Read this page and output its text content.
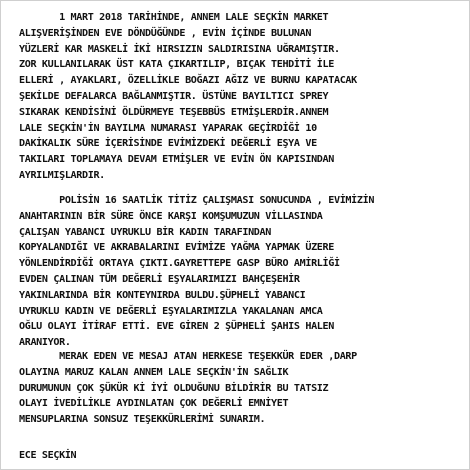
1 MART 2018 TARİHİNDE, ANNEM LALE SEÇKİN MARKET
ALIŞVERİŞİNDEN EVE DÖNDÜĞÜNDE , EVİN İÇİNDE BULUNAN
YÜZLERİ KAR MASKELİ İKİ HIRSIZIN SALDIRISINA UĞRAMIŞTIR.
ZOR KULLANILARAK ÜST KATA ÇIKARTILIP, BIÇAK TEHDİTİ İLE
ELLERİ , AYAKLARI, ÖZELLİKLE BOĞAZI AĞIZ VE BURNU KAPATACAK
ŞEKİLDE DEFALARCA BAĞLANMIŞTIR. ÜSTÜNE BAYILTICI SPREY
SIKARAK KENDİSİNİ ÖLDÜRMEYE TEŞEBBÜS ETMİŞLERDİR.ANNEM
LALE SEÇKİN'İN BAYILMA NUMARASI YAPARAK GEÇİRDİĞİ 10
DAKİKALIK SÜRE İÇERİSİNDE EVİMİZDEKİ DEĞERLİ EŞYA VE
TAKILARI TOPLAMAYA DEVAM ETMİŞLER VE EVİN ÖN KAPISINDAN
AYRILMIŞLARDIR.
POLİSİN 16 SAATLİK TİTİZ ÇALIŞMASI SONUCUNDA , EVİMİZİN
ANAHTARININ BİR SÜRE ÖNCE KARŞI KOMŞUMUZUN VİLLASINDA
ÇALIŞAN YABANCI UYRUKLU BİR KADIN TARAFINDAN
KOPYALANDIĞI VE AKRABALARINI EVİMİZE YAĞMA YAPMAK ÜZERE
YÖNLENDİRDİĞİ ORTAYA ÇIKTI.GAYRETTEPE GASP BÜRO AMİRLİĞİ
EVDEN ÇALINAN TÜM DEĞERLİ EŞYALARIMIZI BAHÇEŞEHİR
YAKINLARINDA BİR KONTEYNIRDA BULDU.ŞÜPHELİ YABANCI
UYRUKLU KADIN VE DEĞERLİ EŞYALARIMIZLA YAKALANAN AMCA
OĞLU OLAYI İTİRAF ETTİ. EVE GİREN 2 ŞÜPHELİ ŞAHIS HALEN
ARANIYOR.
MERAK EDEN VE MESAJ ATAN HERKESE TEŞEKKÜR EDER ,DARP
OLAYINA MARUZ KALAN ANNEM LALE SEÇKİN'İN SAĞLIK
DURUMUNUN ÇOK ŞÜKÜR Kİ İYİ OLDUĞUNU BİLDİRİR BU TATSIZ
OLAYI İVEDİLİKLE AYDINLATAN ÇOK DEĞERLİ EMNİYET
MENSUPLARINA SONSUZ TEŞEKKÜRLERİMİ SUNARIM.
ECE SEÇKİN
